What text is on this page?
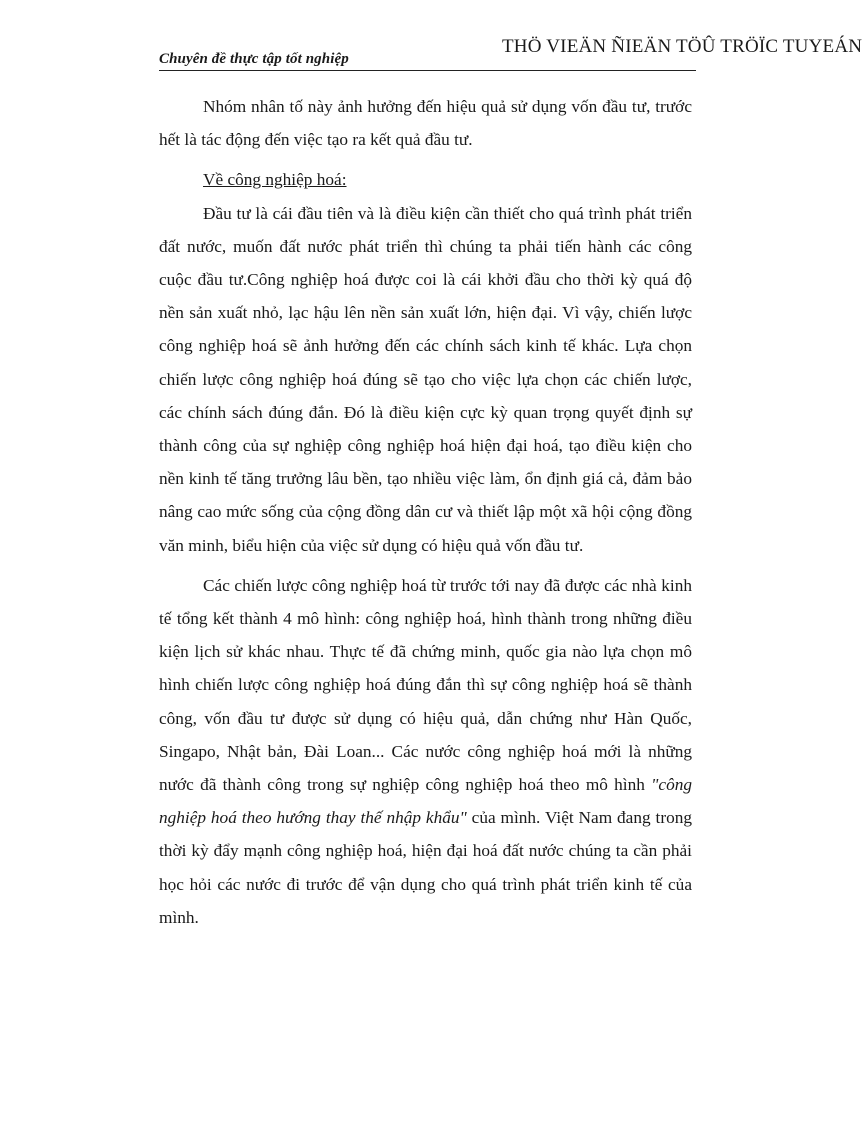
Chuyên đề thực tập tốt nghiệp
THÖ VIEÄN ÑIEÄN TÖÛ TRÖÏC TUYEÁN

Nhóm nhân tố này ảnh hưởng đến hiệu quả sử dụng vốn đầu tư, trước hết là tác động đến việc tạo ra kết quả đầu tư.

Về công nghiệp hoá:

Đầu tư là cái đầu tiên và là điều kiện cần thiết cho quá trình phát triển đất nước, muốn đất nước phát triển thì chúng ta phải tiến hành các công cuộc đầu tư.Công nghiệp hoá được coi là cái khởi đầu cho thời kỳ quá độ nền sản xuất nhỏ, lạc hậu lên nền sản xuất lớn, hiện đại. Vì vậy, chiến lược công nghiệp hoá sẽ ảnh hưởng đến các chính sách kinh tế khác. Lựa chọn chiến lược công nghiệp hoá đúng sẽ tạo cho việc lựa chọn các chiến lược, các chính sách đúng đắn. Đó là điều kiện cực kỳ quan trọng quyết định sự thành công của sự nghiệp công nghiệp hoá hiện đại hoá, tạo điều kiện cho nền kinh tế tăng trưởng lâu bền, tạo nhiều việc làm, ổn định giá cả, đảm bảo nâng cao mức sống của cộng đồng dân cư và thiết lập một xã hội cộng đồng văn minh, biểu hiện của việc sử dụng có hiệu quả vốn đầu tư.

Các chiến lược công nghiệp hoá từ trước tới nay đã được các nhà kinh tế tổng kết thành 4 mô hình: công nghiệp hoá, hình thành trong những điều kiện lịch sử khác nhau. Thực tế đã chứng minh, quốc gia nào lựa chọn mô hình chiến lược công nghiệp hoá đúng đắn thì sự công nghiệp hoá sẽ thành công, vốn đầu tư được sử dụng có hiệu quả, dẫn chứng như Hàn Quốc, Singapo, Nhật bản, Đài Loan... Các nước công nghiệp hoá mới là những nước đã thành công trong sự nghiệp công nghiệp hoá theo mô hình "công nghiệp hoá theo hướng thay thế nhập khẩu" của mình. Việt Nam đang trong thời kỳ đẩy mạnh công nghiệp hoá, hiện đại hoá đất nước chúng ta cần phải học hỏi các nước đi trước để vận dụng cho quá trình phát triển kinh tế của mình.
